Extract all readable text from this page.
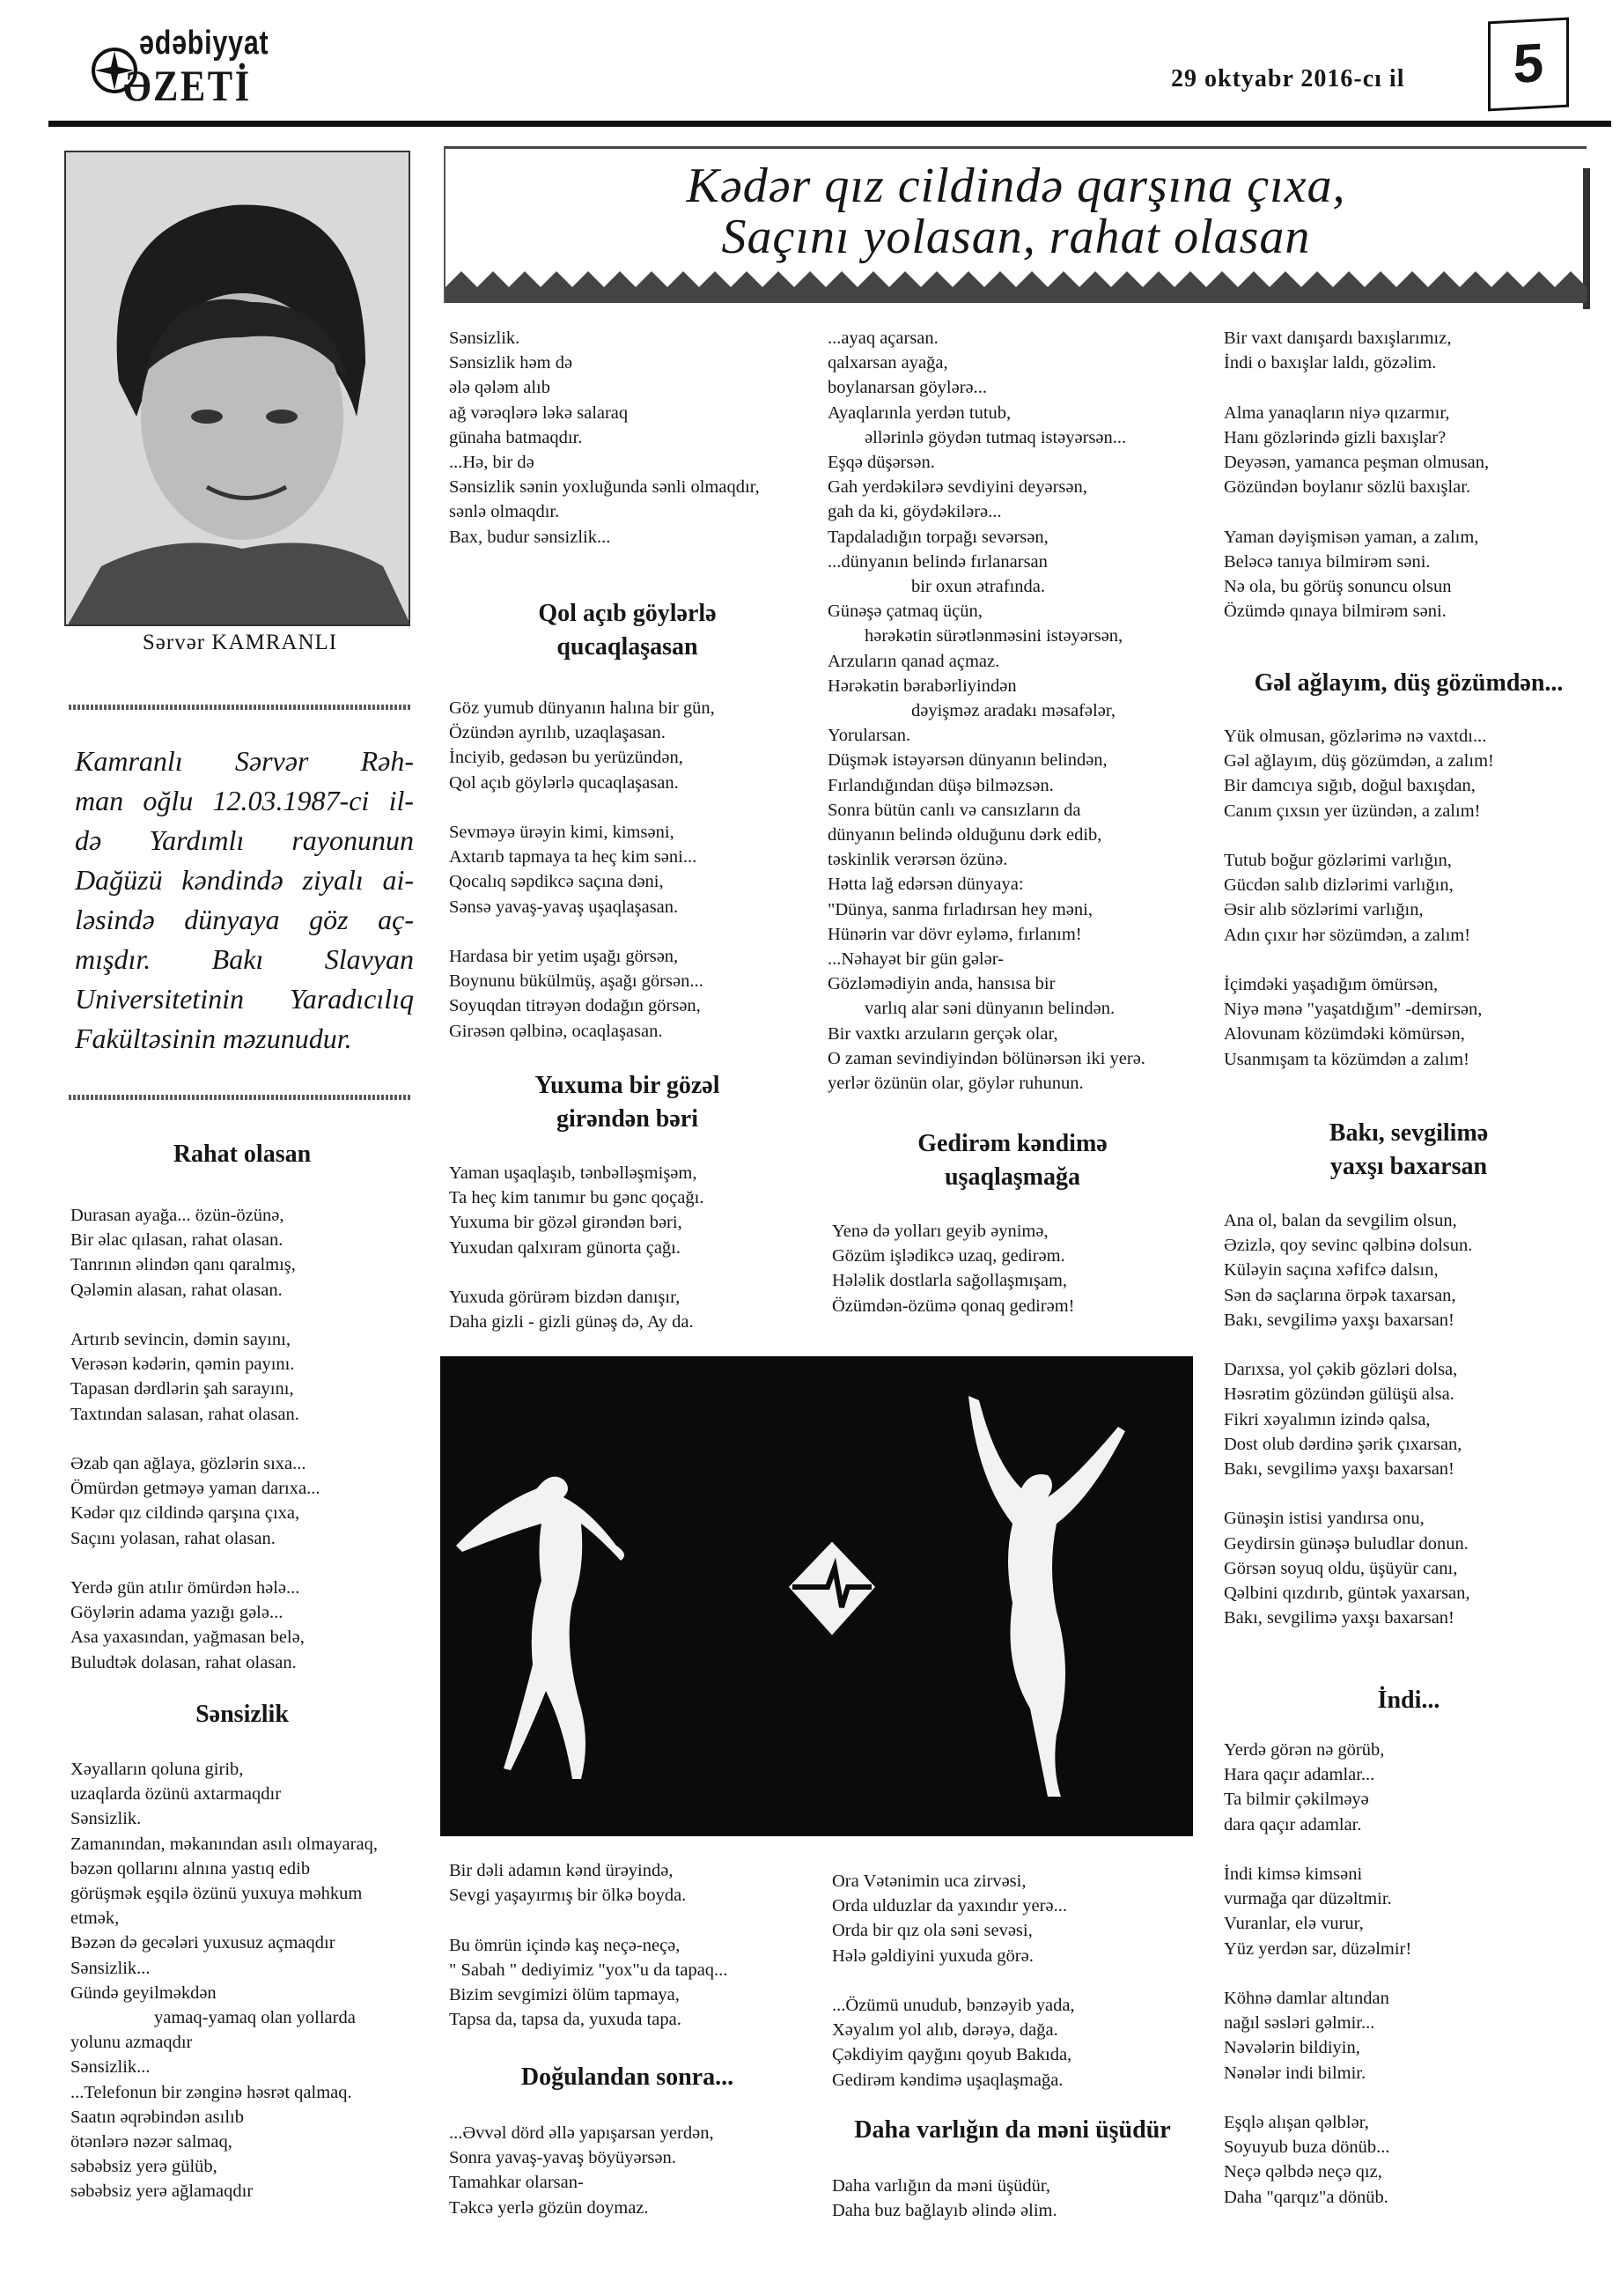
ədəbiyyat
ƏZETİ	29 oktyabr 2016-cı il	5
Sərvər KAMRANLI
Kamranlı Sərvər Rəh-
man oğlu 12.03.1987-ci il-
də Yardımlı rayonunun
Dağüzü kəndində ziyalı ai-
ləsində dünyaya göz aç-
mışdır. Bakı Slavyan
Universitetinin Yaradıcılıq
Fakültəsinin məzunudur.
Kədər qız cildində qarşına çıxa,
Saçını yolasan, rahat olasan
Rahat olasan
Durasan ayağa... özün-özünə,
Bir əlac qılasan, rahat olasan.
Tanrının əlindən qanı qaralmış,
Qələmin alasan, rahat olasan.
Artırıb sevincin, dəmin sayını,
Verəsən kədərin, qəmin payını.
Tapasan dərdlərin şah sarayını,
Taxtından salasan, rahat olasan.
Əzab qan ağlaya, gözlərin sıxa...
Ömürdən getməyə yaman darıxa...
Kədər qız cildində qarşına çıxa,
Saçını yolasan, rahat olasan.
Yerdə gün atılır ömürdən hələ...
Göylərin adama yazığı gələ...
Asa yaxasından, yağmasan belə,
Buludtək dolasan, rahat olasan.
Sənsizlik
Xəyalların qoluna girib,
uzaqlarda özünü axtarmaqdır
Sənsizlik.
Zamanından, məkanından asılı olmayaraq,
bəzən qollarını alnına yastıq edib
görüşmək eşqilə özünü yuxuya məhkum
etmək,
Bəzən də gecələri yuxusuz açmaqdır
Sənsizlik...
Gündə geyilməkdən
yamaq-yamaq olan yollarda
yolunu azmaqdır
Sənsizlik...
...Telefonun bir zənginə həsrət qalmaq.
Saatın əqrəbindən asılıb
ötənlərə nəzər salmaq,
səbəbsiz yerə gülüb,
səbəbsiz yerə ağlamaqdır
Sənsizlik.
Sənsizlik həm də
ələ qələm alıb
ağ vərəqlərə ləkə salaraq
günaha batmaqdır.
...Hə, bir də
Sənsizlik sənin yoxluğunda sənli olmaqdır,
sənlə olmaqdır.
Bax, budur sənsizlik...
Qol açıb göylərlə
qucaqlaşasan
Göz yumub dünyanın halına bir gün,
Özündən ayrılıb, uzaqlaşasan.
İnciyib, gedəsən bu yerüzündən,
Qol açıb göylərlə qucaqlaşasan.
Sevməyə ürəyin kimi, kimsəni,
Axtarıb tapmaya ta heç kim səni...
Qocalıq səpdikcə saçına dəni,
Sənsə yavaş-yavaş uşaqlaşasan.
Hardasa bir yetim uşağı görsən,
Boynunu bükülmüş, aşağı görsən...
Soyuqdan titrəyən dodağın görsən,
Girəsən qəlbinə, ocaqlaşasan.
Yuxuma bir gözəl
girəndən bəri
Yaman uşaqlaşıb, tənbəlləşmişəm,
Ta heç kim tanımır bu gənc qoçağı.
Yuxuma bir gözəl girəndən bəri,
Yuxudan qalxıram günorta çağı.
Yuxuda görürəm bizdən danışır,
Daha gizli - gizli günəş də, Ay da.
Bir dəli adamın kənd ürəyində,
Sevgi yaşayırmış bir ölkə boyda.
Bu ömrün içində kaş neçə-neçə,
" Sabah " dediyimiz "yox"u da tapaq...
Bizim sevgimizi ölüm tapmaya,
Tapsa da, tapsa da, yuxuda tapa.
Doğulandan sonra...
...Əvvəl dörd əllə yapışarsan yerdən,
Sonra yavaş-yavaş böyüyərsən.
Tamahkar olarsan-
Təkcə yerlə gözün doymaz.
...ayaq açarsan.
qalxarsan ayağa,
boylanarsan göylərə...
Ayaqlarınla yerdən tutub,
əllərinlə göydən tutmaq istəyərsən...
Eşqə düşərsən.
Gah yerdəkilərə sevdiyini deyərsən,
gah da ki, göydəkilərə...
Tapdaladığın torpağı sevərsən,
...dünyanın belində fırlanarsan
bir oxun ətrafında.
Günəşə çatmaq üçün,
hərəkətin sürətlənməsini istəyərsən,
Arzuların qanad açmaz.
Hərəkətin bərabərliyindən
dəyişməz aradakı məsafələr,
Yorularsan.
Düşmək istəyərsən dünyanın belindən,
Fırlandığından düşə bilməzsən.
Sonra bütün canlı və cansızların da
dünyanın belində olduğunu dərk edib,
təskinlik verərsən özünə.
Hətta lağ edərsən dünyaya:
"Dünya, sanma fırladırsan hey məni,
Hünərin var dövr eyləmə, fırlanım!
...Nəhayət bir gün gələr-
Gözləmədiyin anda, hansısa bir
varlıq alar səni dünyanın belindən.
Bir vaxtkı arzuların gerçək olar,
O zaman sevindiyindən bölünərsən iki yerə.
yerlər özünün olar, göylər ruhunun.
Gedirəm kəndimə
uşaqlaşmağa
Yenə də yolları geyib əynimə,
Gözüm işlədikcə uzaq, gedirəm.
Hələlik dostlarla sağollaşmışam,
Özümdən-özümə qonaq gedirəm!
Ora Vətənimin uca zirvəsi,
Orda ulduzlar da yaxındır yerə...
Orda bir qız ola səni sevəsi,
Hələ gəldiyini yuxuda görə.
...Özümü unudub, bənzəyib yada,
Xəyalım yol alıb, dərəyə, dağa.
Çəkdiyim qayğını qoyub Bakıda,
Gedirəm kəndimə uşaqlaşmağa.
Daha varlığın da məni üşüdür
Daha varlığın da məni üşüdür,
Daha buz bağlayıb əlində əlim.
Bir vaxt danışardı baxışlarımız,
İndi o baxışlar laldı, gözəlim.
Alma yanaqların niyə qızarmır,
Hanı gözlərində gizli baxışlar?
Deyəsən, yamanca peşman olmusan,
Gözündən boylanır sözlü baxışlar.
Yaman dəyişmisən yaman, a zalım,
Beləcə tanıya bilmirəm səni.
Nə ola, bu görüş sonuncu olsun
Özümdə qınaya bilmirəm səni.
Gəl ağlayım, düş gözümdən...
Yük olmusan, gözlərimə nə vaxtdı...
Gəl ağlayım, düş gözümdən, a zalım!
Bir damcıya sığıb, doğul baxışdan,
Canım çıxsın yer üzündən, a zalım!
Tutub boğur gözlərimi varlığın,
Gücdən salıb dizlərimi varlığın,
Əsir alıb sözlərimi varlığın,
Adın çıxır hər sözümdən, a zalım!
İçimdəki yaşadığım ömürsən,
Niyə mənə "yaşatdığım" -demirsən,
Alovunam közümdəki kömürsən,
Usanmışam ta közümdən a zalım!
Bakı, sevgilimə
yaxşı baxarsan
Ana ol, balan da sevgilim olsun,
Əzizlə, qoy sevinc qəlbinə dolsun.
Küləyin saçına xəfifcə dalsın,
Sən də saçlarına örpək taxarsan,
Bakı, sevgilimə yaxşı baxarsan!
Darıxsa, yol çəkib gözləri dolsa,
Həsrətim gözündən gülüşü alsa.
Fikri xəyalımın izində qalsa,
Dost olub dərdinə şərik çıxarsan,
Bakı, sevgilimə yaxşı baxarsan!
Günəşin istisi yandırsa onu,
Geydirsin günəşə buludlar donun.
Görsən soyuq oldu, üşüyür canı,
Qəlbini qızdırıb, güntək yaxarsan,
Bakı, sevgilimə yaxşı baxarsan!
İndi...
Yerdə görən nə görüb,
Hara qaçır adamlar...
Ta bilmir çəkilməyə
dara qaçır adamlar.
İndi kimsə kimsəni
vurmağa qar düzəltmir.
Vuranlar, elə vurur,
Yüz yerdən sar, düzəlmir!
Köhnə damlar altından
nağıl səsləri gəlmir...
Nəvələrin bildiyin,
Nənələr indi bilmir.
Eşqlə alışan qəlblər,
Soyuyub buza dönüb...
Neçə qəlbdə neçə qız,
Daha "qarqız"a dönüb.
